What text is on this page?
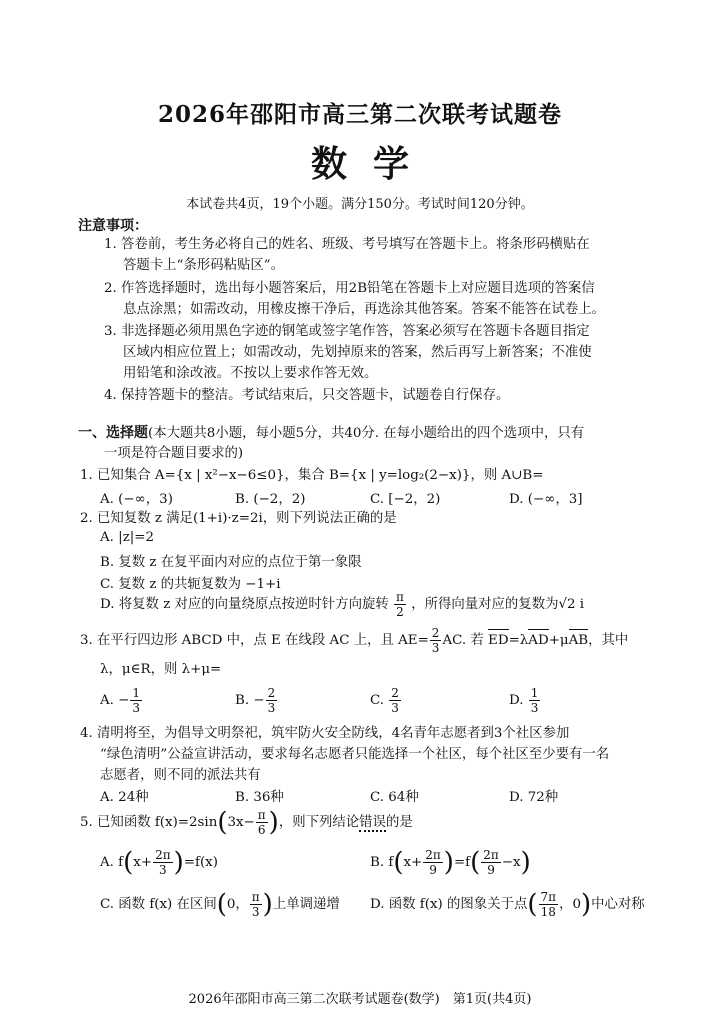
2026年邵阳市高三第二次联考试题卷
数学
本试卷共4页，19个小题。满分150分。考试时间120分钟。
注意事项：
1. 答卷前，考生务必将自己的姓名、班级、考号填写在答题卡上。将条形码横贴在
答题卡上“条形码粘贴区”。
2. 作答选择题时，选出每小题答案后，用2B铅笔在答题卡上对应题目选项的答案信
息点涂黑；如需改动，用橡皮擦干净后，再选涂其他答案。答案不能答在试卷上。
3. 非选择题必须用黑色字迹的钢笔或签字笔作答，答案必须写在答题卡各题目指定
区域内相应位置上；如需改动，先划掉原来的答案，然后再写上新答案；不准使
用铅笔和涂改液。不按以上要求作答无效。
4. 保持答题卡的整洁。考试结束后，只交答题卡，试题卷自行保存。
一、选择题(本大题共8小题，每小题5分，共40分. 在每小题给出的四个选项中，只有
一项是符合题目要求的)
1. 已知集合 A={x | x²−x−6≤0}，集合 B={x | y=log₂(2−x)}，则 A∪B=
A. (−∞，3)	B. (−2，2)	C. [−2，2)	D. (−∞，3]
2. 已知复数 z 满足(1+i)·z=2i，则下列说法正确的是
A. |z|=2
B. 复数 z 在复平面内对应的点位于第一象限
C. 复数 z 的共轭复数为 −1+i
D. 将复数 z 对应的向量绕原点按逆时针方向旋转 $\frac{\pi}{2}$ ，所得向量对应的复数为√2 i
3. 在平行四边形 ABCD 中，点 E 在线段 AC 上，且 $AE= \frac{2}{3}$ AC. 若 ED=λAD+μAB，其中
λ，μ∈R，则 λ+μ=
A. − $\frac{1}{3}$	B. − $\frac{2}{3}$	C. $\frac{2}{3}$	D. $\frac{1}{3}$
4. 清明将至，为倡导文明祭祀，筑牢防火安全防线，4名青年志愿者到3个社区参加
“绿色清明”公益宣讲活动，要求每名志愿者只能选择一个社区，每个社区至少要有一名
志愿者，则不同的派法共有
A. 24种	B. 36种	C. 64种	D. 72种
5. 已知函数 $f(x)=2\sin(3x- \frac{\pi}{6}$ )，则下列结论错误的是
A. $f(x+ \frac{2\pi}{3} )=f(x)$	B. $f(x+ \frac{2\pi}{9} )=f( \frac{2\pi}{9} -x)$
C. 函数 f(x) 在区间(0， $\frac{\pi}{3}$ )上单调递增 D. 函数 f(x) 的图象关于点( $\frac{7\pi}{18}$ ，0)中心对称
2026年邵阳市高三第二次联考试题卷(数学)　第1页(共4页)
